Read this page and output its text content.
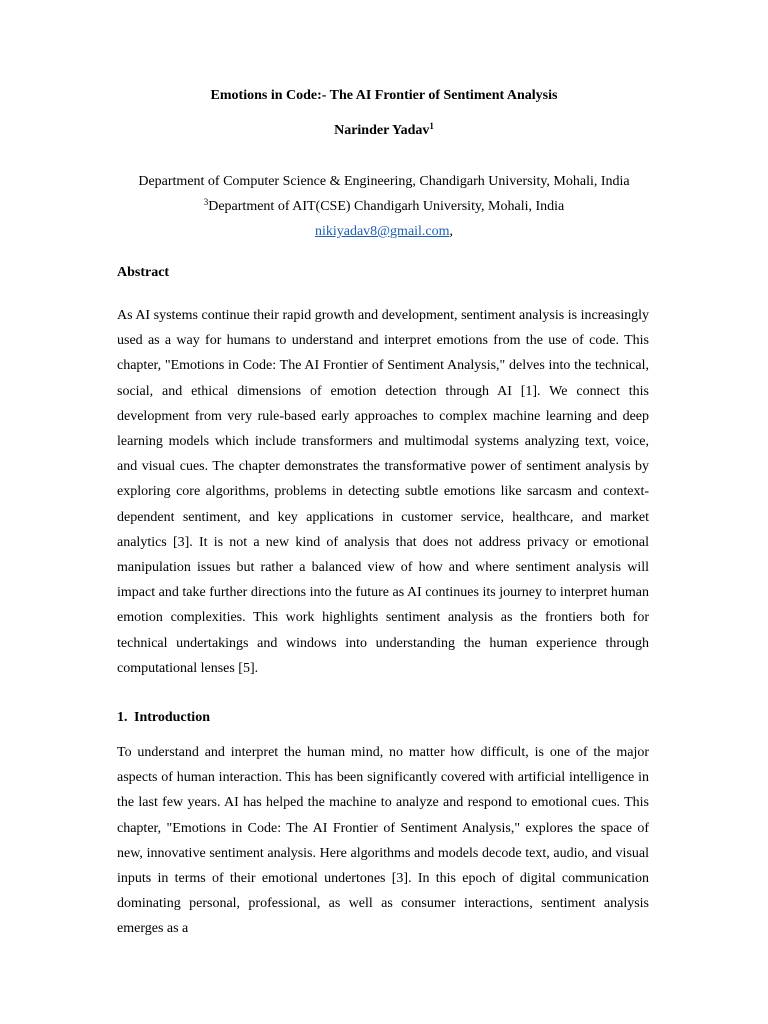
Emotions in Code:- The AI Frontier of Sentiment Analysis
Narinder Yadav$^1$
Department of Computer Science & Engineering, Chandigarh University, Mohali, India
$^3$Department of AIT(CSE) Chandigarh University, Mohali, India
nikiyadav8@gmail.com,
Abstract

As AI systems continue their rapid growth and development, sentiment analysis is increasingly used as a way for humans to understand and interpret emotions from the use of code. This chapter, "Emotions in Code: The AI Frontier of Sentiment Analysis," delves into the technical, social, and ethical dimensions of emotion detection through AI [1]. We connect this development from very rule-based early approaches to complex machine learning and deep learning models which include transformers and multimodal systems analyzing text, voice, and visual cues. The chapter demonstrates the transformative power of sentiment analysis by exploring core algorithms, problems in detecting subtle emotions like sarcasm and context-dependent sentiment, and key applications in customer service, healthcare, and market analytics [3]. It is not a new kind of analysis that does not address privacy or emotional manipulation issues but rather a balanced view of how and where sentiment analysis will impact and take further directions into the future as AI continues its journey to interpret human emotion complexities. This work highlights sentiment analysis as the frontiers both for technical undertakings and windows into understanding the human experience through computational lenses [5].

1. Introduction

To understand and interpret the human mind, no matter how difficult, is one of the major aspects of human interaction. This has been significantly covered with artificial intelligence in the last few years. AI has helped the machine to analyze and respond to emotional cues. This chapter, "Emotions in Code: The AI Frontier of Sentiment Analysis," explores the space of new, innovative sentiment analysis. Here algorithms and models decode text, audio, and visual inputs in terms of their emotional undertones [3]. In this epoch of digital communication dominating personal, professional, as well as consumer interactions, sentiment analysis emerges as a
